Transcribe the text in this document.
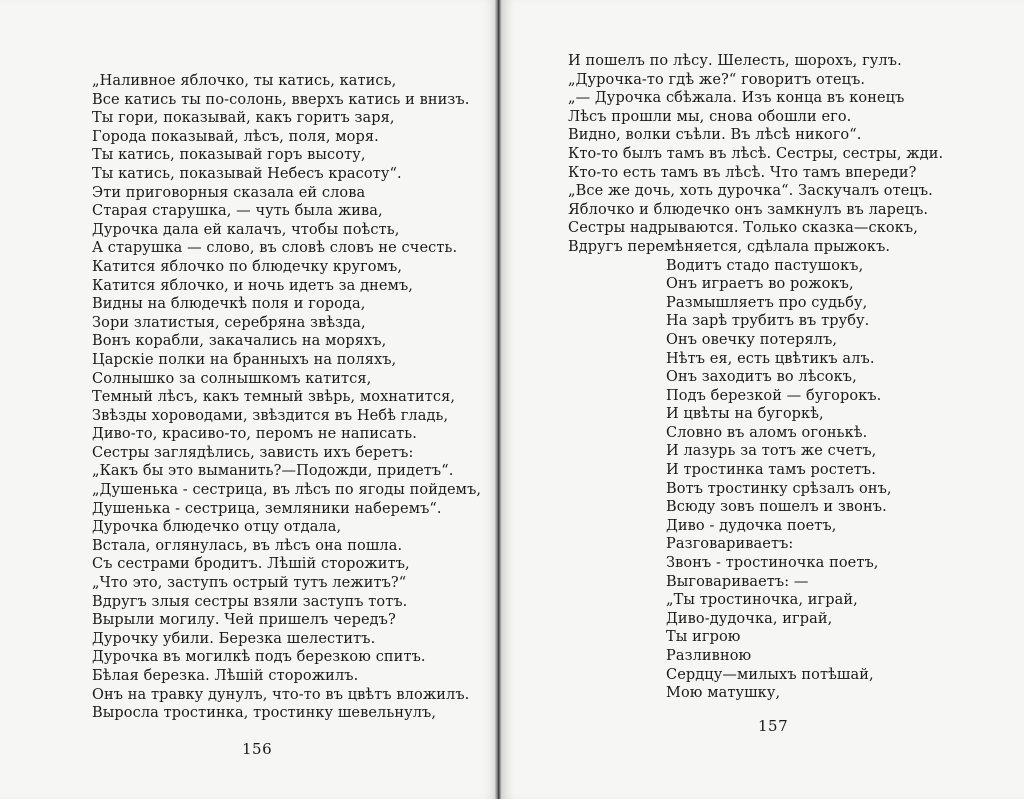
„Наливное яблочко, ты катись, катись,
Все катись ты по-солонь, вверхъ катись и внизъ.
Ты гори, показывай, какъ горитъ заря,
Города показывай, лѣсъ, поля, моря.
Ты катись, показывай горъ высоту,
Ты катись, показывай Небесъ красоту“.
Эти приговорныя сказала ей слова
Старая старушка, — чуть была жива,
Дурочка дала ей калачъ, чтобы поѣсть,
А старушка — слово, въ словѣ словъ не счесть.
Катится яблочко по блюдечку кругомъ,
Катится яблочко, и ночь идетъ за днемъ,
Видны на блюдечкѣ поля и города,
Зори златистыя, серебряна звѣзда,
Вонъ корабли, закачались на моряхъ,
Царскiе полки на бранныхъ на поляхъ,
Солнышко за солнышкомъ катится,
Темный лѣсъ, какъ темный звѣрь, мохнатится,
Звѣзды хороводами, звѣздится въ Небѣ гладь,
Диво-то, красиво-то, перомъ не написать.
Сестры заглядѣлись, зависть ихъ беретъ:
„Какъ бы это выманить?—Подожди, придетъ“.
„Душенька - сестрица, въ лѣсъ по ягоды пойдемъ,
Душенька - сестрица, земляники наберемъ“.
Дурочка блюдечко отцу отдала,
Встала, оглянулась, въ лѣсъ она пошла.
Съ сестрами бродитъ. Лѣшiй сторожитъ,
„Что это, заступъ острый тутъ лежитъ?“
Вдругъ злыя сестры взяли заступъ тотъ.
Вырыли могилу. Чей пришелъ чередъ?
Дурочку убили. Березка шелеститъ.
Дурочка въ могилкѣ подъ березкою спитъ.
Бѣлая березка. Лѣшiй сторожилъ.
Онъ на травку дунулъ, что-то въ цвѣтъ вложилъ.
Выросла тростинка, тростинку шевельнулъ,
156
И пошелъ по лѣсу. Шелесть, шорохъ, гулъ.
„Дурочка-то гдѣ же?“ говоритъ отецъ.
„— Дурочка сбѣжала. Изъ конца въ конецъ
Лѣсъ прошли мы, снова обошли его.
Видно, волки съѣли. Въ лѣсѣ никого“.
Кто-то былъ тамъ въ лѣсѣ. Сестры, сестры, жди.
Кто-то есть тамъ въ лѣсѣ. Что тамъ впереди?
„Все же дочь, хоть дурочка“. Заскучалъ отецъ.
Яблочко и блюдечко онъ замкнулъ въ ларецъ.
Сестры надрываются. Только сказка—скокъ,
Вдругъ перемѣняется, сдѣлала прыжокъ.
Водитъ стадо пастушокъ,
Онъ играетъ во рожокъ,
Размышляетъ про судьбу,
На зарѣ трубитъ въ трубу.
Онъ овечку потерялъ,
Нѣтъ ея, есть цвѣтикъ алъ.
Онъ заходитъ во лѣсокъ,
Подъ березкой — бугорокъ.
И цвѣты на бугоркѣ,
Словно въ аломъ огонькѣ.
И лазурь за тотъ же счетъ,
И тростинка тамъ ростетъ.
Вотъ тростинку срѣзалъ онъ,
Всюду зовъ пошелъ и звонъ.
Диво - дудочка поетъ,
Разговариваетъ:
Звонъ - тростиночка поетъ,
Выговариваетъ: —
„Ты тростиночка, играй,
Диво-дудочка, играй,
Ты игрою
Разливною
Сердцу—милыхъ потѣшай,
Мою матушку,
157
